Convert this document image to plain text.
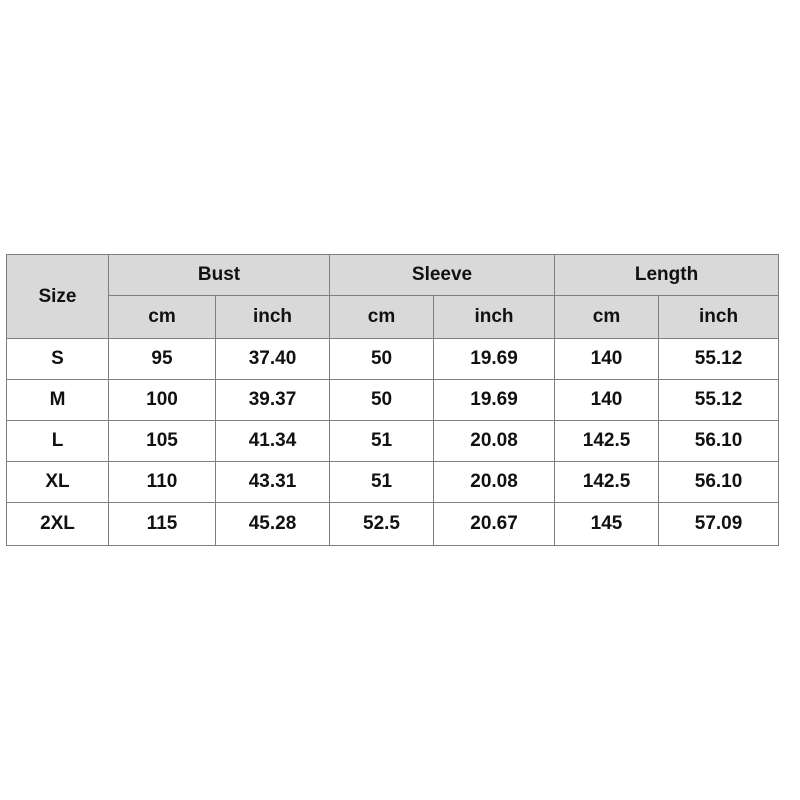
Size	Bust		Sleeve		Length	
	cm	inch	cm	inch	cm	inch
S	95	37.40	50	19.69	140	55.12
M	100	39.37	50	19.69	140	55.12
L	105	41.34	51	20.08	142.5	56.10
XL	110	43.31	51	20.08	142.5	56.10
2XL	115	45.28	52.5	20.67	145	57.09
